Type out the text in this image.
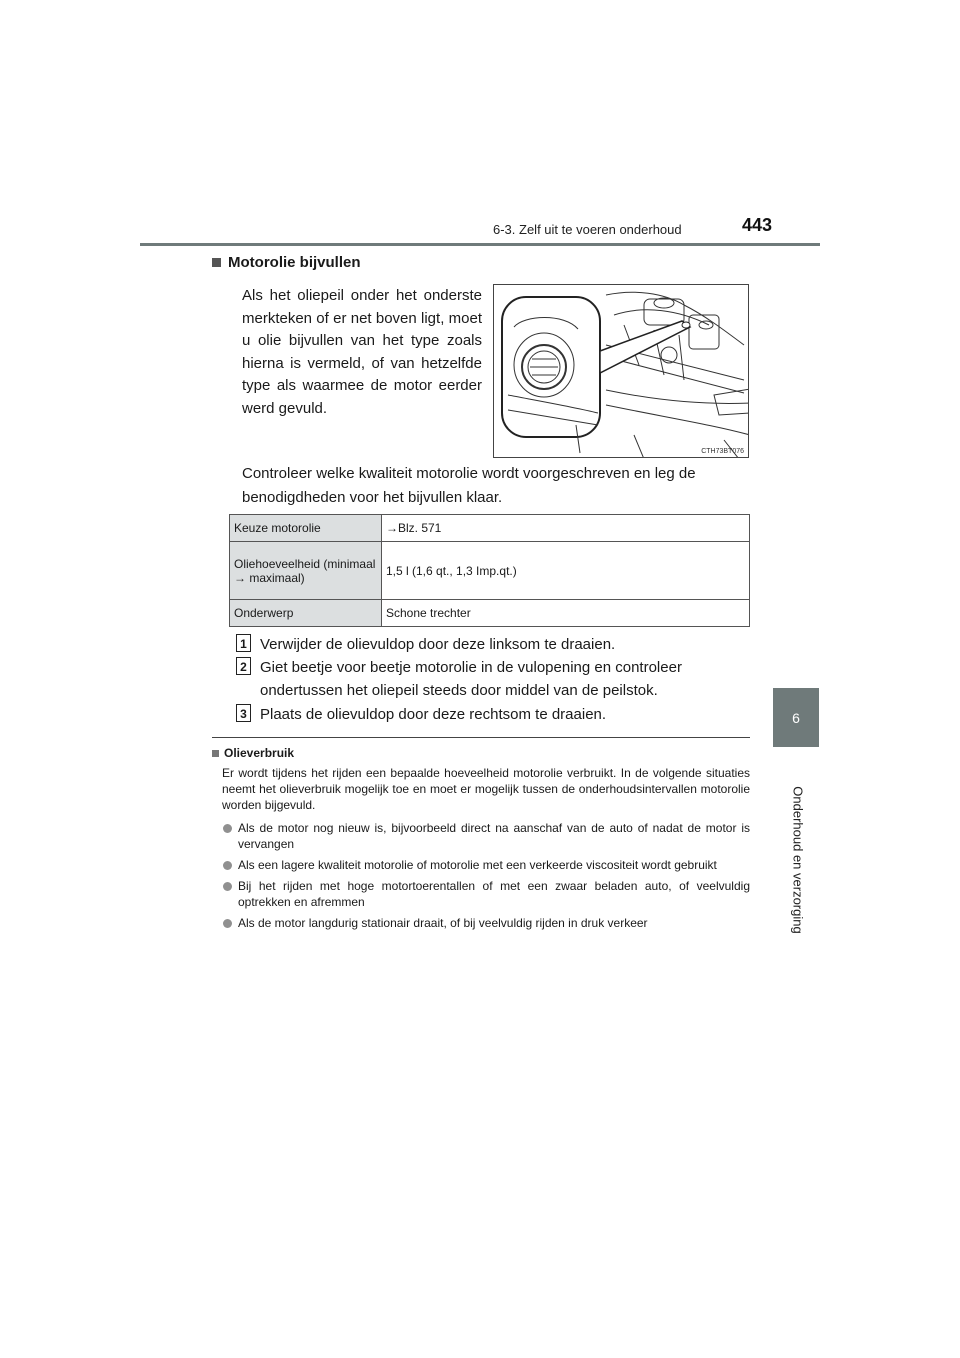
6-3. Zelf uit te voeren onderhoud	443
6
Onderhoud en verzorging
Motorolie bijvullen
Als het oliepeil onder het onderste merkteken of er net boven ligt, moet u olie bijvullen van het type zoals hierna is vermeld, of van hetzelfde type als waarmee de motor eerder werd gevuld.
CTH73BT076
Controleer welke kwaliteit motorolie wordt voorgeschreven en leg de benodigdheden voor het bijvullen klaar.
Keuze motorolie	→Blz. 571
Oliehoeveelheid (minimaal → maximaal)	1,5 l (1,6 qt., 1,3 Imp.qt.)
Onderwerp	Schone trechter
1 Verwijder de olievuldop door deze linksom te draaien.
2 Giet beetje voor beetje motorolie in de vulopening en controleer ondertussen het oliepeil steeds door middel van de peilstok.
3 Plaats de olievuldop door deze rechtsom te draaien.
Olieverbruik
Er wordt tijdens het rijden een bepaalde hoeveelheid motorolie verbruikt. In de volgende situaties neemt het olieverbruik mogelijk toe en moet er mogelijk tussen de onderhoudsintervallen motorolie worden bijgevuld.
Als de motor nog nieuw is, bijvoorbeeld direct na aanschaf van de auto of nadat de motor is vervangen
Als een lagere kwaliteit motorolie of motorolie met een verkeerde viscositeit wordt gebruikt
Bij het rijden met hoge motortoerentallen of met een zwaar beladen auto, of veelvuldig optrekken en afremmen
Als de motor langdurig stationair draait, of bij veelvuldig rijden in druk verkeer
